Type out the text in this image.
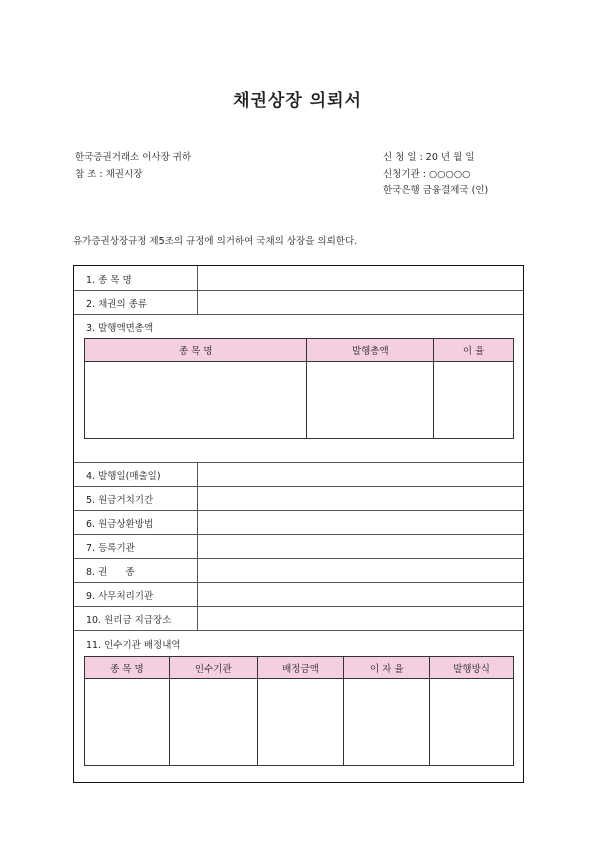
채권상장 의뢰서
한국증권거래소 이사장 귀하
참 조 : 채권시장
신 청 일 : 20 년 월 일
신청기관 : ○○○○○
한국은행 금융결제국 (인)
유가증권상장규정 제5조의 규정에 의거하여 국채의 상장을 의뢰한다.
1. 종 목 명
2. 채권의 종류
3. 발행액면총액
종 목 명	발행총액	이 율

4. 발행일(매출일)
5. 원금거치기간
6. 원금상환방법
7. 등록기관
8. 권      종
9. 사무처리기관
10. 원리금 지급장소
11. 인수기관 배정내역
종 목 명	인수기관	배정금액	이 자 율	발행방식
